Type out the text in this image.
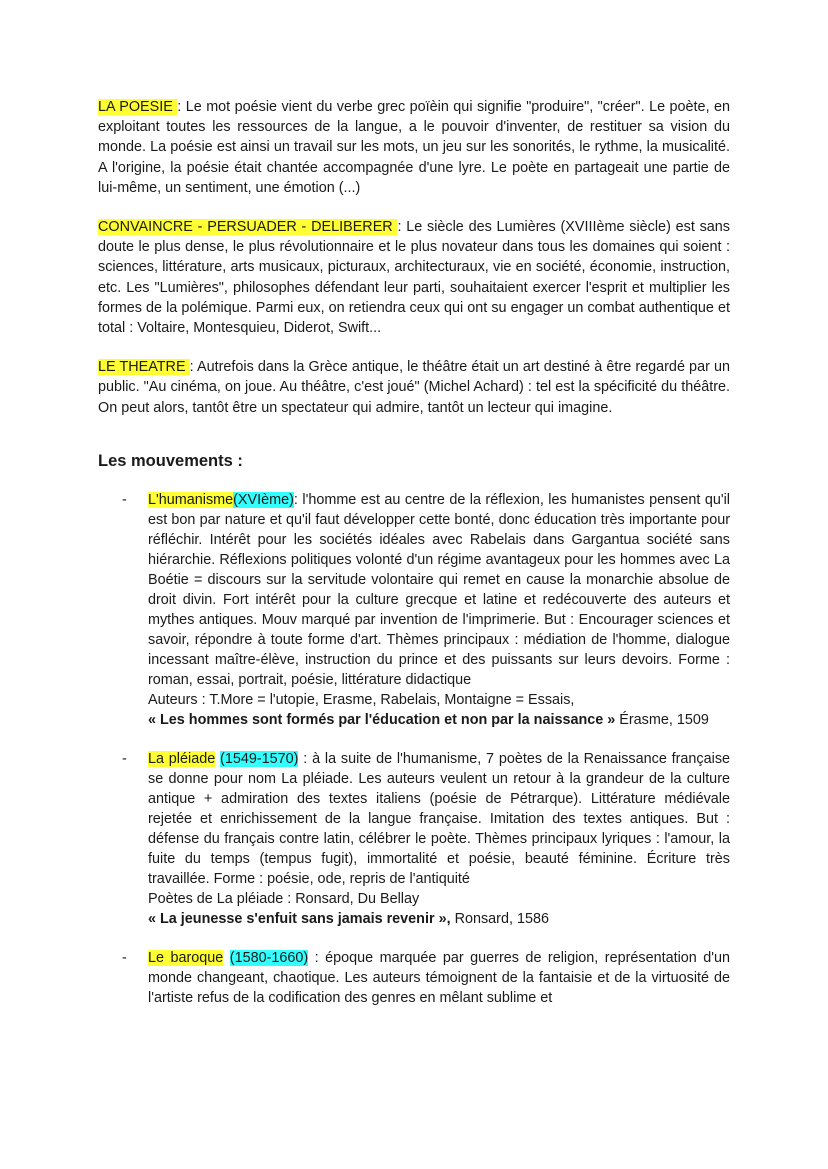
LA POESIE : Le mot poésie vient du verbe grec poïèin qui signifie "produire", "créer". Le poète, en exploitant toutes les ressources de la langue, a le pouvoir d'inventer, de restituer sa vision du monde. La poésie est ainsi un travail sur les mots, un jeu sur les sonorités, le rythme, la musicalité. A l'origine, la poésie était chantée accompagnée d'une lyre. Le poète en partageait une partie de lui-même, un sentiment, une émotion (...)

CONVAINCRE - PERSUADER - DELIBERER : Le siècle des Lumières (XVIIIème siècle) est sans doute le plus dense, le plus révolutionnaire et le plus novateur dans tous les domaines qui soient : sciences, littérature, arts musicaux, picturaux, architecturaux, vie en société, économie, instruction, etc. Les "Lumières", philosophes défendant leur parti, souhaitaient exercer l'esprit et multiplier les formes de la polémique. Parmi eux, on retiendra ceux qui ont su engager un combat authentique et total : Voltaire, Montesquieu, Diderot, Swift...

LE THEATRE : Autrefois dans la Grèce antique, le théâtre était un art destiné à être regardé par un public. "Au cinéma, on joue. Au théâtre, c'est joué" (Michel Achard) : tel est la spécificité du théâtre. On peut alors, tantôt être un spectateur qui admire, tantôt un lecteur qui imagine.

Les mouvements :
- L'humanisme(XVIème): l'homme est au centre de la réflexion, les humanistes pensent qu'il est bon par nature et qu'il faut développer cette bonté, donc éducation très importante pour réfléchir. Intérêt pour les sociétés idéales avec Rabelais dans Gargantua société sans hiérarchie. Réflexions politiques volonté d'un régime avantageux pour les hommes avec La Boétie = discours sur la servitude volontaire qui remet en cause la monarchie absolue de droit divin. Fort intérêt pour la culture grecque et latine et redécouverte des auteurs et mythes antiques. Mouv marqué par invention de l'imprimerie. But : Encourager sciences et savoir, répondre à toute forme d'art. Thèmes principaux : médiation de l'homme, dialogue incessant maître-élève, instruction du prince et des puissants sur leurs devoirs. Forme : roman, essai, portrait, poésie, littérature didactique
Auteurs : T.More = l'utopie, Erasme, Rabelais, Montaigne = Essais,
« Les hommes sont formés par l'éducation et non par la naissance » Érasme, 1509
- La pléiade (1549-1570) : à la suite de l'humanisme, 7 poètes de la Renaissance française se donne pour nom La pléiade. Les auteurs veulent un retour à la grandeur de la culture antique + admiration des textes italiens (poésie de Pétrarque). Littérature médiévale rejetée et enrichissement de la langue française. Imitation des textes antiques. But : défense du français contre latin, célébrer le poète. Thèmes principaux lyriques : l'amour, la fuite du temps (tempus fugit), immortalité et poésie, beauté féminine. Écriture très travaillée. Forme : poésie, ode, repris de l'antiquité
Poètes de La pléiade : Ronsard, Du Bellay
« La jeunesse s'enfuit sans jamais revenir », Ronsard, 1586
- Le baroque (1580-1660) : époque marquée par guerres de religion, représentation d'un monde changeant, chaotique. Les auteurs témoignent de la fantaisie et de la virtuosité de l'artiste refus de la codification des genres en mêlant sublime et
